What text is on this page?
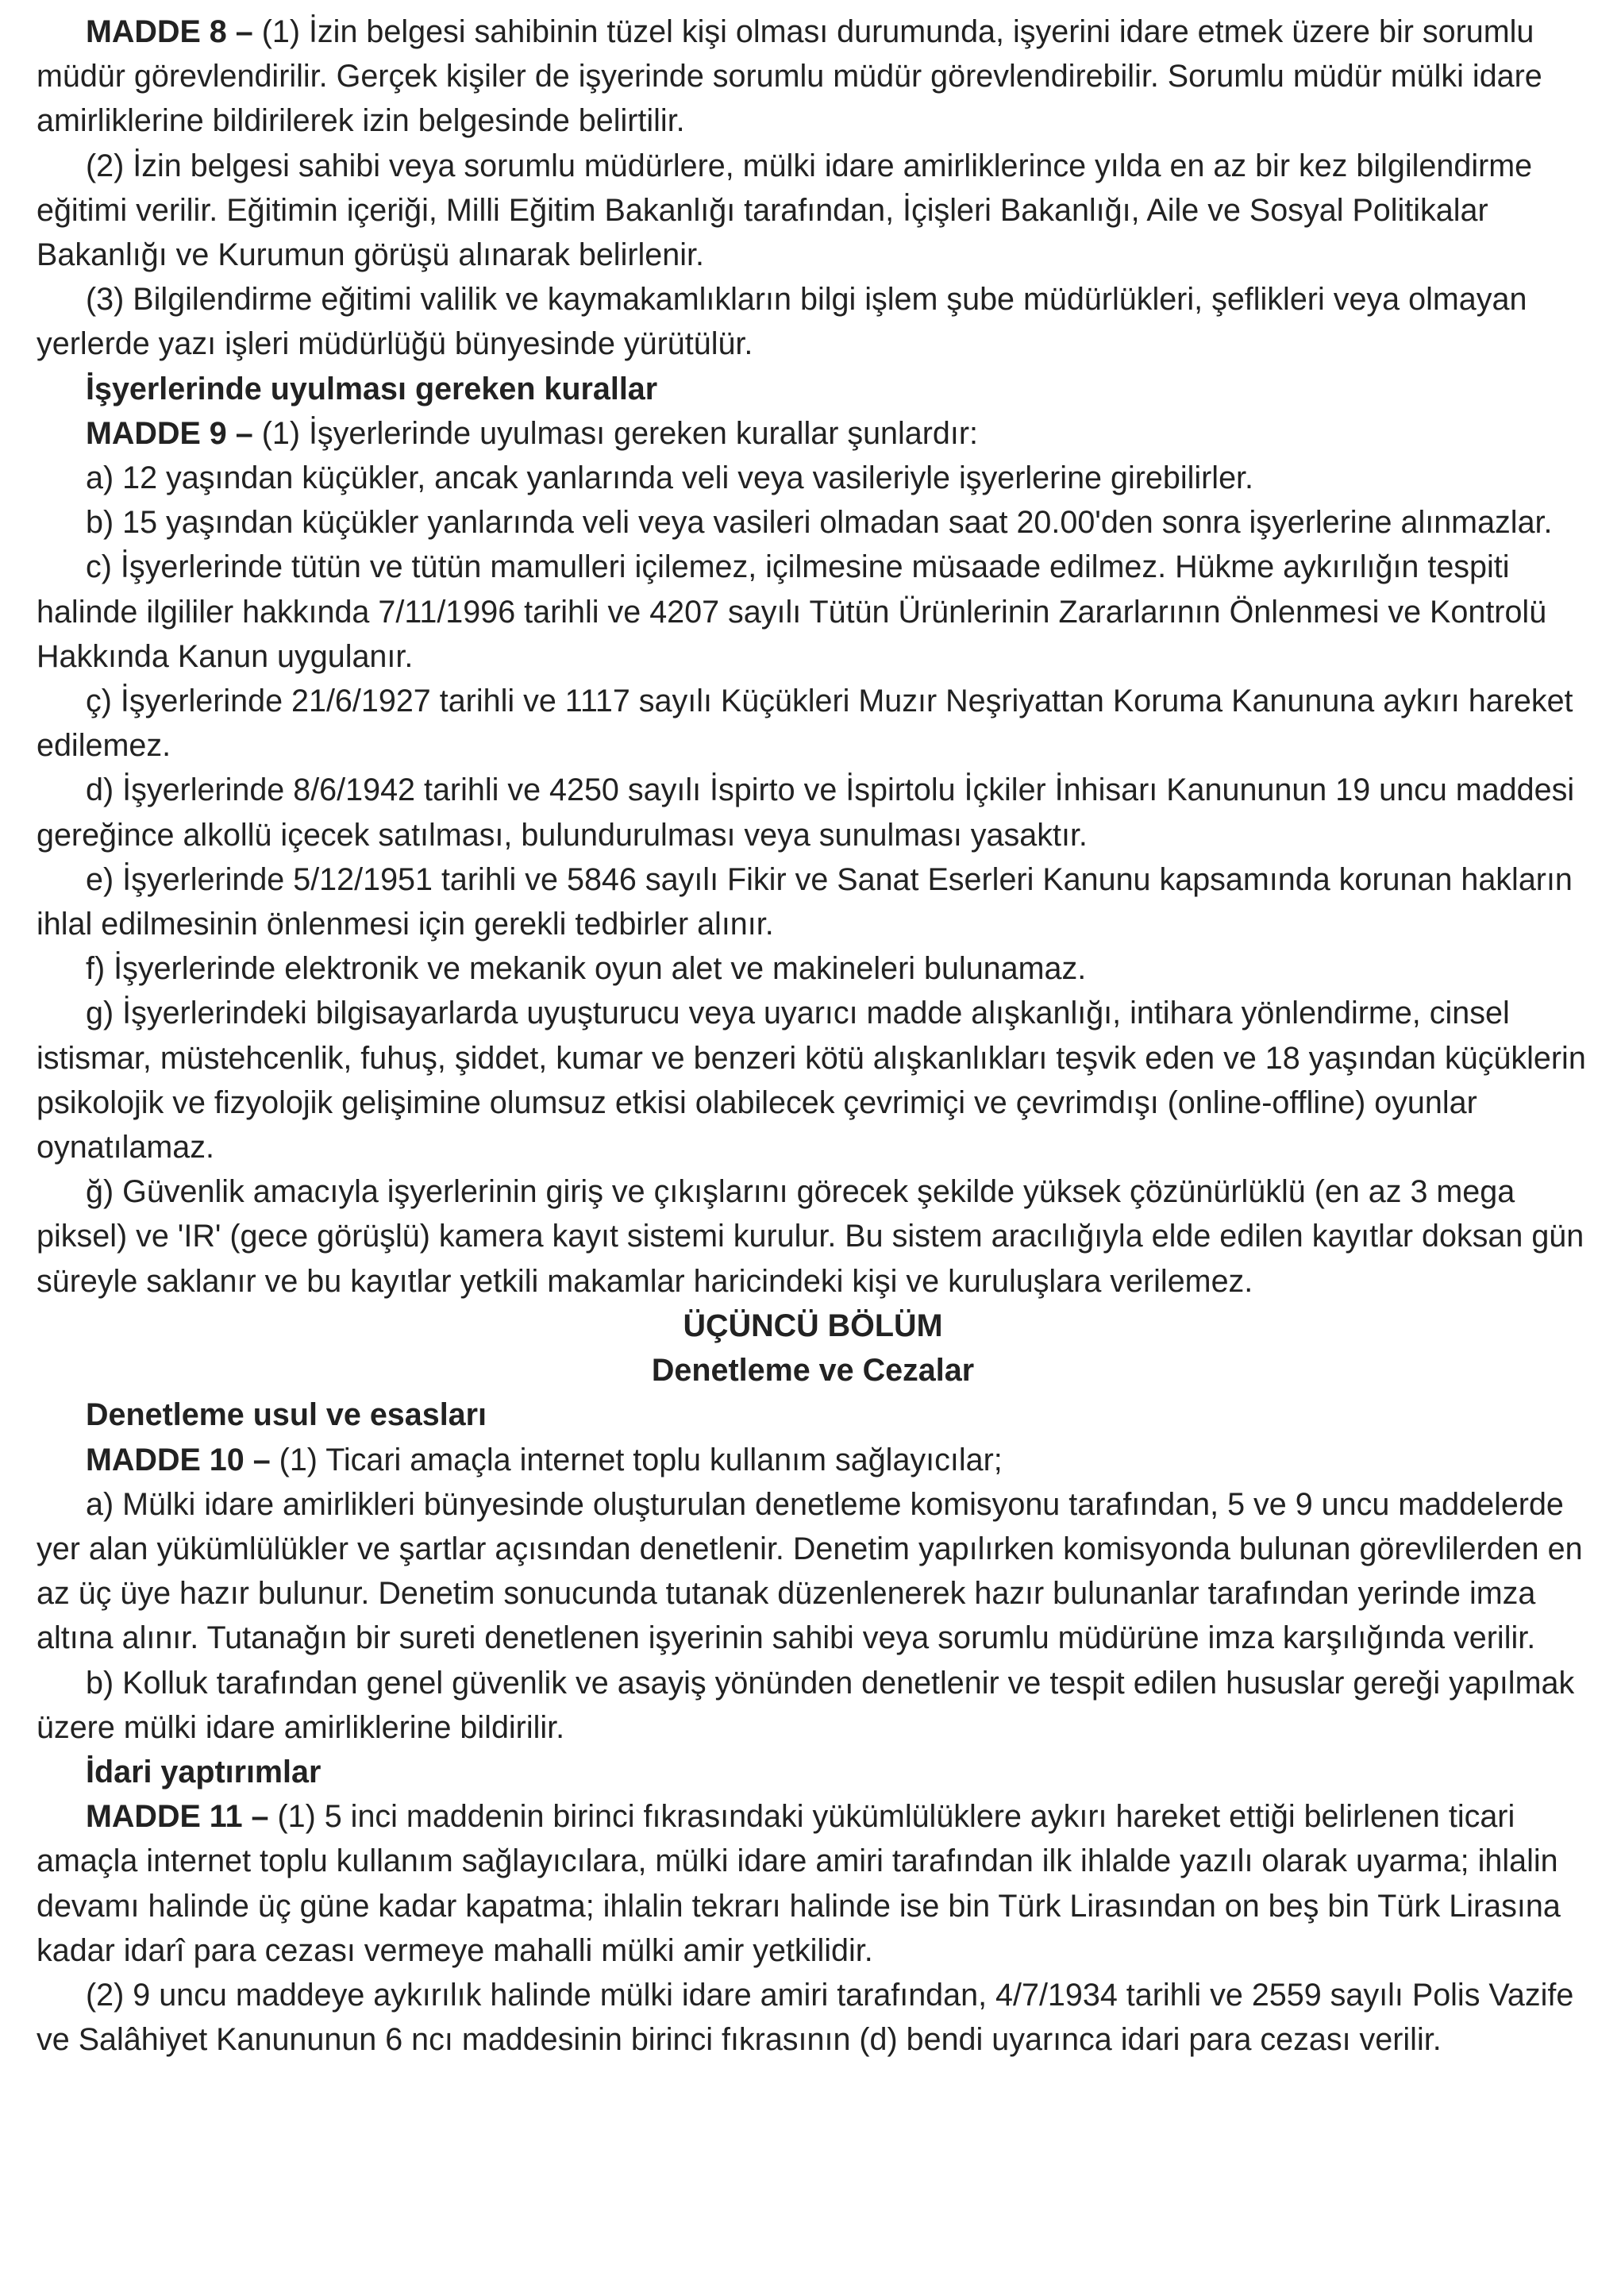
MADDE 8 – (1) İzin belgesi sahibinin tüzel kişi olması durumunda, işyerini idare etmek üzere bir sorumlu müdür görevlendirilir. Gerçek kişiler de işyerinde sorumlu müdür görevlendirebilir. Sorumlu müdür mülki idare amirliklerine bildirilerek izin belgesinde belirtilir.

(2) İzin belgesi sahibi veya sorumlu müdürlere, mülki idare amirliklerince yılda en az bir kez bilgilendirme eğitimi verilir. Eğitimin içeriği, Milli Eğitim Bakanlığı tarafından, İçişleri Bakanlığı, Aile ve Sosyal Politikalar Bakanlığı ve Kurumun görüşü alınarak belirlenir.

(3) Bilgilendirme eğitimi valilik ve kaymakamlıkların bilgi işlem şube müdürlükleri, şeflikleri veya olmayan yerlerde yazı işleri müdürlüğü bünyesinde yürütülür.

İşyerlerinde uyulması gereken kurallar

MADDE 9 – (1) İşyerlerinde uyulması gereken kurallar şunlardır:

a) 12 yaşından küçükler, ancak yanlarında veli veya vasileriyle işyerlerine girebilirler.

b) 15 yaşından küçükler yanlarında veli veya vasileri olmadan saat 20.00'den sonra işyerlerine alınmazlar.

c) İşyerlerinde tütün ve tütün mamulleri içilemez, içilmesine müsaade edilmez. Hükme aykırılığın tespiti halinde ilgililer hakkında 7/11/1996 tarihli ve 4207 sayılı Tütün Ürünlerinin Zararlarının Önlenmesi ve Kontrolü Hakkında Kanun uygulanır.

ç) İşyerlerinde 21/6/1927 tarihli ve 1117 sayılı Küçükleri Muzır Neşriyattan Koruma Kanununa aykırı hareket edilemez.

d) İşyerlerinde 8/6/1942 tarihli ve 4250 sayılı İspirto ve İspirtolu İçkiler İnhisarı Kanununun 19 uncu maddesi gereğince alkollü içecek satılması, bulundurulması veya sunulması yasaktır.

e) İşyerlerinde 5/12/1951 tarihli ve 5846 sayılı Fikir ve Sanat Eserleri Kanunu kapsamında korunan hakların ihlal edilmesinin önlenmesi için gerekli tedbirler alınır.

f) İşyerlerinde elektronik ve mekanik oyun alet ve makineleri bulunamaz.

g) İşyerlerindeki bilgisayarlarda uyuşturucu veya uyarıcı madde alışkanlığı, intihara yönlendirme, cinsel istismar, müstehcenlik, fuhuş, şiddet, kumar ve benzeri kötü alışkanlıkları teşvik eden ve 18 yaşından küçüklerin psikolojik ve fizyolojik gelişimine olumsuz etkisi olabilecek çevrimiçi ve çevrimdışı (online-offline) oyunlar oynatılamaz.

ğ) Güvenlik amacıyla işyerlerinin giriş ve çıkışlarını görecek şekilde yüksek çözünürlüklü (en az 3 mega piksel) ve 'IR' (gece görüşlü) kamera kayıt sistemi kurulur. Bu sistem aracılığıyla elde edilen kayıtlar doksan gün süreyle saklanır ve bu kayıtlar yetkili makamlar haricindeki kişi ve kuruluşlara verilemez.

ÜÇÜNCÜ BÖLÜM

Denetleme ve Cezalar

Denetleme usul ve esasları

MADDE 10 – (1) Ticari amaçla internet toplu kullanım sağlayıcılar;

a) Mülki idare amirlikleri bünyesinde oluşturulan denetleme komisyonu tarafından, 5 ve 9 uncu maddelerde yer alan yükümlülükler ve şartlar açısından denetlenir. Denetim yapılırken komisyonda bulunan görevlilerden en az üç üye hazır bulunur. Denetim sonucunda tutanak düzenlenerek hazır bulunanlar tarafından yerinde imza altına alınır. Tutanağın bir sureti denetlenen işyerinin sahibi veya sorumlu müdürüne imza karşılığında verilir.

b) Kolluk tarafından genel güvenlik ve asayiş yönünden denetlenir ve tespit edilen hususlar gereği yapılmak üzere mülki idare amirliklerine bildirilir.

İdari yaptırımlar

MADDE 11 – (1) 5 inci maddenin birinci fıkrasındaki yükümlülüklere aykırı hareket ettiği belirlenen ticari amaçla internet toplu kullanım sağlayıcılara, mülki idare amiri tarafından ilk ihlalde yazılı olarak uyarma; ihlalin devamı halinde üç güne kadar kapatma; ihlalin tekrarı halinde ise bin Türk Lirasından on beş bin Türk Lirasına kadar idarî para cezası vermeye mahalli mülki amir yetkilidir.

(2) 9 uncu maddeye aykırılık halinde mülki idare amiri tarafından, 4/7/1934 tarihli ve 2559 sayılı Polis Vazife ve Salâhiyet Kanununun 6 ncı maddesinin birinci fıkrasının (d) bendi uyarınca idari para cezası verilir.
